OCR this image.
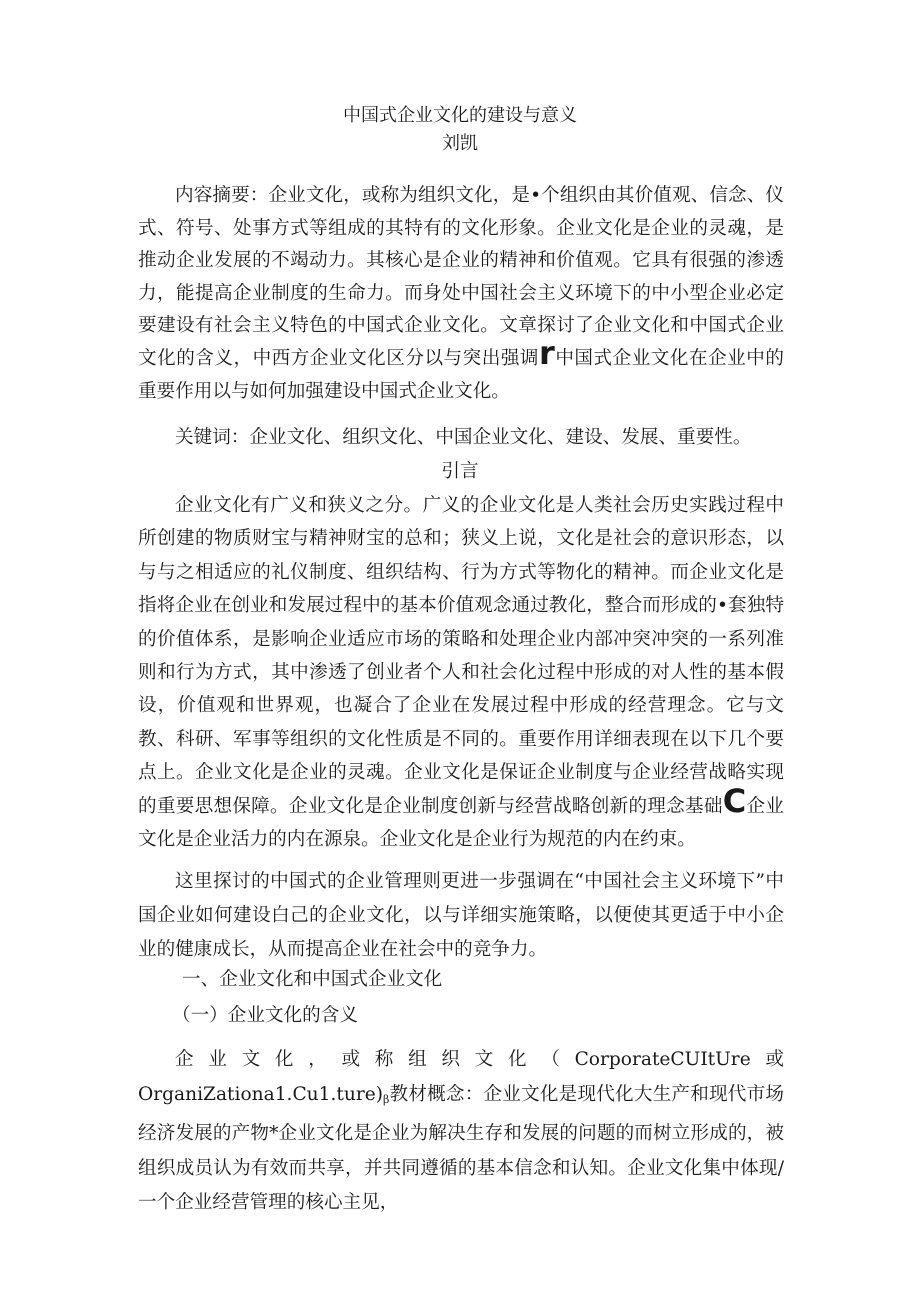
中国式企业文化的建设与意义
刘凯
内容摘要：企业文化，或称为组织文化，是•个组织由其价值观、信念、仪式、符号、处事方式等组成的其特有的文化形象。企业文化是企业的灵魂，是推动企业发展的不竭动力。其核心是企业的精神和价值观。它具有很强的渗透力，能提高企业制度的生命力。而身处中国社会主义环境下的中小型企业必定要建设有社会主义特色的中国式企业文化。文章探讨了企业文化和中国式企业文化的含义，中西方企业文化区分以与突出强调r中国式企业文化在企业中的重要作用以与如何加强建设中国式企业文化。
关键词：企业文化、组织文化、中国企业文化、建设、发展、重要性。
引言
企业文化有广义和狭义之分。广义的企业文化是人类社会历史实践过程中所创建的物质财宝与精神财宝的总和；狭义上说，文化是社会的意识形态，以与与之相适应的礼仪制度、组织结构、行为方式等物化的精神。而企业文化是指将企业在创业和发展过程中的基本价值观念通过教化，整合而形成的•套独特的价值体系，是影响企业适应市场的策略和处理企业内部冲突冲突的一系列准则和行为方式，其中渗透了创业者个人和社会化过程中形成的对人性的基本假设，价值观和世界观，也凝合了企业在发展过程中形成的经营理念。它与文教、科研、军事等组织的文化性质是不同的。重要作用详细表现在以下几个要点上。企业文化是企业的灵魂。企业文化是保证企业制度与企业经营战略实现的重要思想保障。企业文化是企业制度创新与经营战略创新的理念基础C企业文化是企业活力的内在源泉。企业文化是企业行为规范的内在约束。
这里探讨的中国式的企业管理则更进一步强调在“中国社会主义环境下”中国企业如何建设白己的企业文化，以与详细实施策略，以便使其更适于中小企业的健康成长，从而提高企业在社会中的竞争力。
一、企业文化和中国式企业文化
（一）企业文化的含义
企业文化，或称组织文化（CorporateCUItUre或$OrganiZationa1.Cu1.ture)_\beta$教材概念：企业文化是现代化大生产和现代市场经济发展的产物*企业文化是企业为解决生存和发展的问题的而树立形成的，被组织成员认为有效而共享，并共同遵循的基本信念和认知。企业文化集中体现/一个企业经营管理的核心主见，
